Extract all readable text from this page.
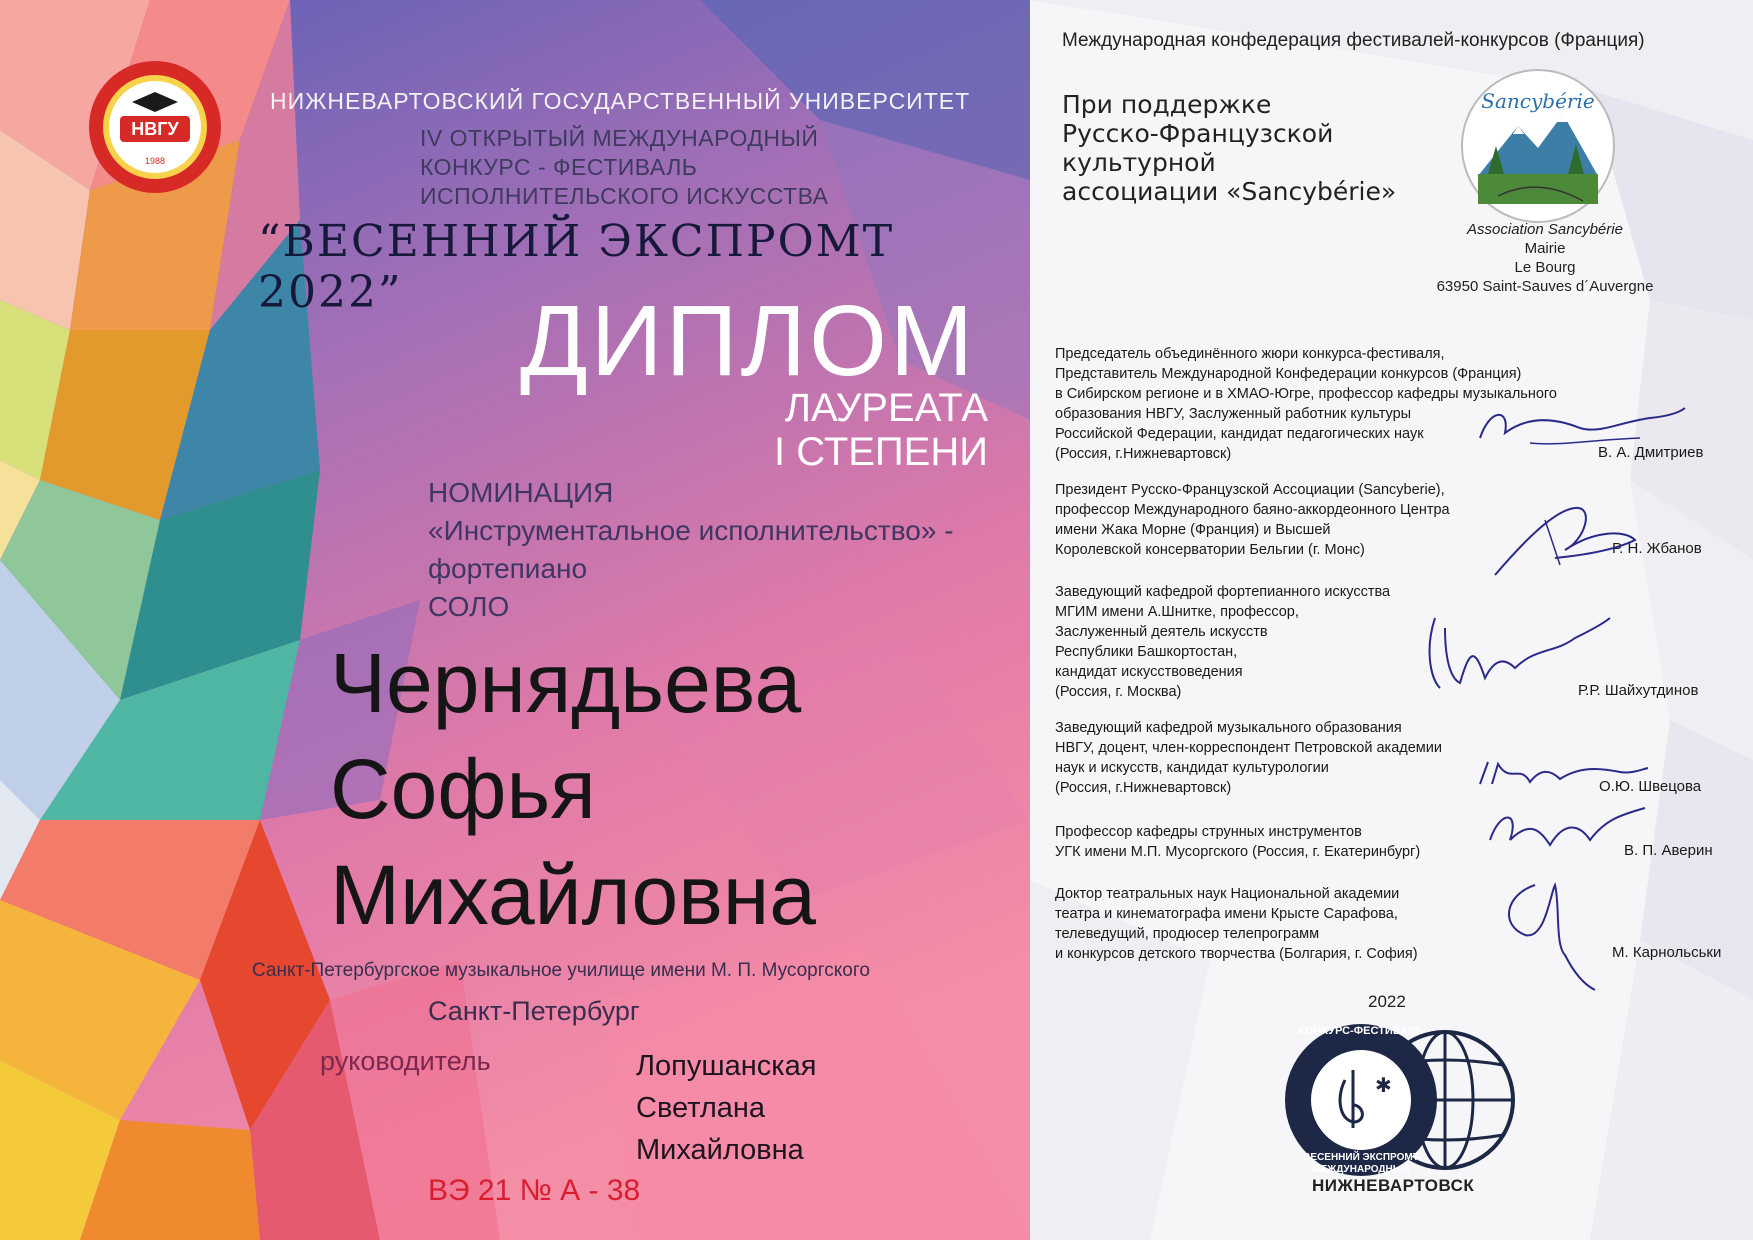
НВГУ
1988
НИЖНЕВАРТОВСКИЙ ГОСУДАРСТВЕННЫЙ УНИВЕРСИТЕТ
IV ОТКРЫТЫЙ МЕЖДУНАРОДНЫЙ
КОНКУРС - ФЕСТИВАЛЬ
ИСПОЛНИТЕЛЬСКОГО ИСКУССТВА
“ВЕСЕННИЙ ЭКСПРОМТ 2022”	ДИПЛОМ
ЛАУРЕАТА
I СТЕПЕНИ
НОМИНАЦИЯ
«Инструментальное исполнительство» -
фортепиано
СОЛО
Чернядьева
Софья
Михайловна
Санкт-Петербургское музыкальное училище имени М. П. Мусоргского
Санкт-Петербург
руководитель	Лопушанская
Светлана
Михайловна
ВЭ 21 № А - 38
Международная конфедерация фестивалей-конкурсов (Франция)
При поддержке
Русско-Французской
культурной
ассоциации «Sancybérie»
Sancybérie
Association Sancybérie
Mairie
Le Bourg
63950 Saint-Sauves d´Auvergne
Председатель объединённого жюри конкурса-фестиваля,
Представитель Международной Конфедерации конкурсов (Франция)
в Сибирском регионе и в ХМАО-Югре, профессор кафедры музыкального
образования НВГУ, Заслуженный работник культуры
Российской Федерации, кандидат педагогических наук
(Россия, г.Нижневартовск)	В. А. Дмитриев
Президент Русско-Французской Ассоциации (Sancyberie),
профессор Международного баяно-аккордеонного Центра
имени Жака Морне (Франция) и Высшей
Королевской консерватории Бельгии (г. Монс)	Р. Н. Жбанов
Заведующий кафедрой фортепианного искусства
МГИМ имени А.Шнитке, профессор,
Заслуженный деятель искусств
Республики Башкортостан,
кандидат искусствоведения
(Россия, г. Москва)	Р.Р. Шайхутдинов
Заведующий кафедрой музыкального образования
НВГУ, доцент, член-корреспондент Петровской академии
наук и искусств, кандидат культурологии
(Россия, г.Нижневартовск)	О.Ю. Швецова
Профессор кафедры струнных инструментов
УГК имени М.П. Мусоргского (Россия, г. Екатеринбург)	В. П. Аверин
Доктор театральных наук Национальной академии
театра и кинематографа имени Крысте Сарафова,
телеведущий, продюсер телепрограмм
и конкурсов детского творчества (Болгария, г. София)	М. Карнольськи
2022
✱
КОНКУРС-ФЕСТИВАЛЬ
ВЕСЕННИЙ ЭКСПРОМТ
МЕЖДУНАРОДНЫЙ
НИЖНЕВАРТОВСК
